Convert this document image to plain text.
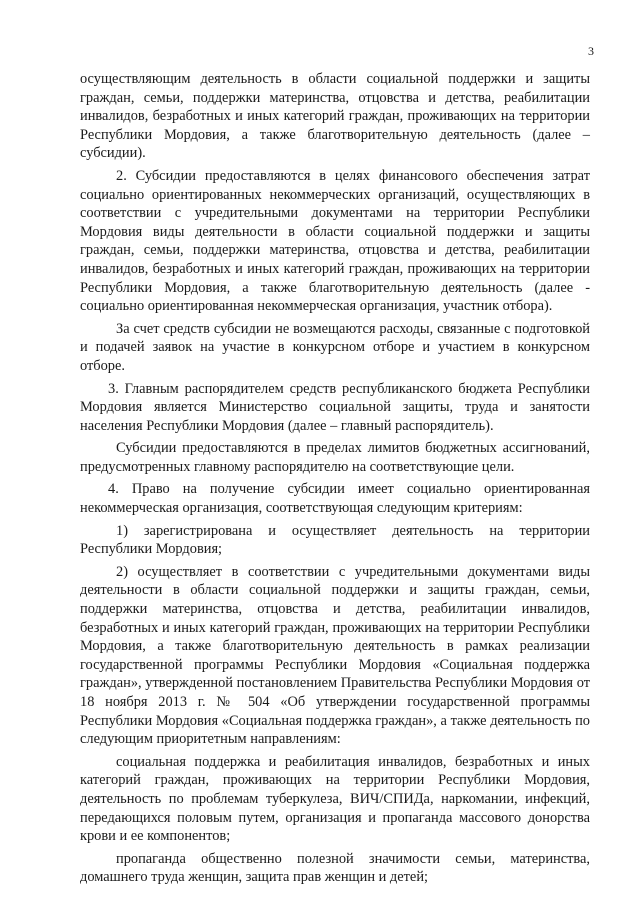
3

осуществляющим деятельность в области социальной поддержки и защиты граждан, семьи, поддержки материнства, отцовства и детства, реабилитации инвалидов, безработных и иных категорий граждан, проживающих на территории Республики Мордовия, а также благотворительную деятельность (далее – субсидии).

2. Субсидии предоставляются в целях финансового обеспечения затрат социально ориентированных некоммерческих организаций, осуществляющих в соответствии с учредительными документами на территории Республики Мордовия виды деятельности в области социальной поддержки и защиты граждан, семьи, поддержки материнства, отцовства и детства, реабилитации инвалидов, безработных и иных категорий граждан, проживающих на территории Республики Мордовия, а также благотворительную деятельность (далее - социально ориентированная некоммерческая организация, участник отбора).

За счет средств субсидии не возмещаются расходы, связанные с подготовкой и подачей заявок на участие в конкурсном отборе и участием в конкурсном отборе.

3. Главным распорядителем средств республиканского бюджета Республики Мордовия является Министерство социальной защиты, труда и занятости населения Республики Мордовия (далее – главный распорядитель).

Субсидии предоставляются в пределах лимитов бюджетных ассигнований, предусмотренных главному распорядителю на соответствующие цели.

4. Право на получение субсидии имеет социально ориентированная некоммерческая организация, соответствующая следующим критериям:

1) зарегистрирована и осуществляет деятельность на территории Республики Мордовия;

2) осуществляет в соответствии с учредительными документами виды деятельности в области социальной поддержки и защиты граждан, семьи, поддержки материнства, отцовства и детства, реабилитации инвалидов, безработных и иных категорий граждан, проживающих на территории Республики Мордовия, а также благотворительную деятельность в рамках реализации государственной программы Республики Мордовия «Социальная поддержка граждан», утвержденной постановлением Правительства Республики Мордовия от 18 ноября 2013 г. № 504 «Об утверждении государственной программы Республики Мордовия «Социальная поддержка граждан», а также деятельность по следующим приоритетным направлениям:

социальная поддержка и реабилитация инвалидов, безработных и иных категорий граждан, проживающих на территории Республики Мордовия, деятельность по проблемам туберкулеза, ВИЧ/СПИДа, наркомании, инфекций, передающихся половым путем, организация и пропаганда массового донорства крови и ее компонентов;

пропаганда общественно полезной значимости семьи, материнства, домашнего труда женщин, защита прав женщин и детей;
